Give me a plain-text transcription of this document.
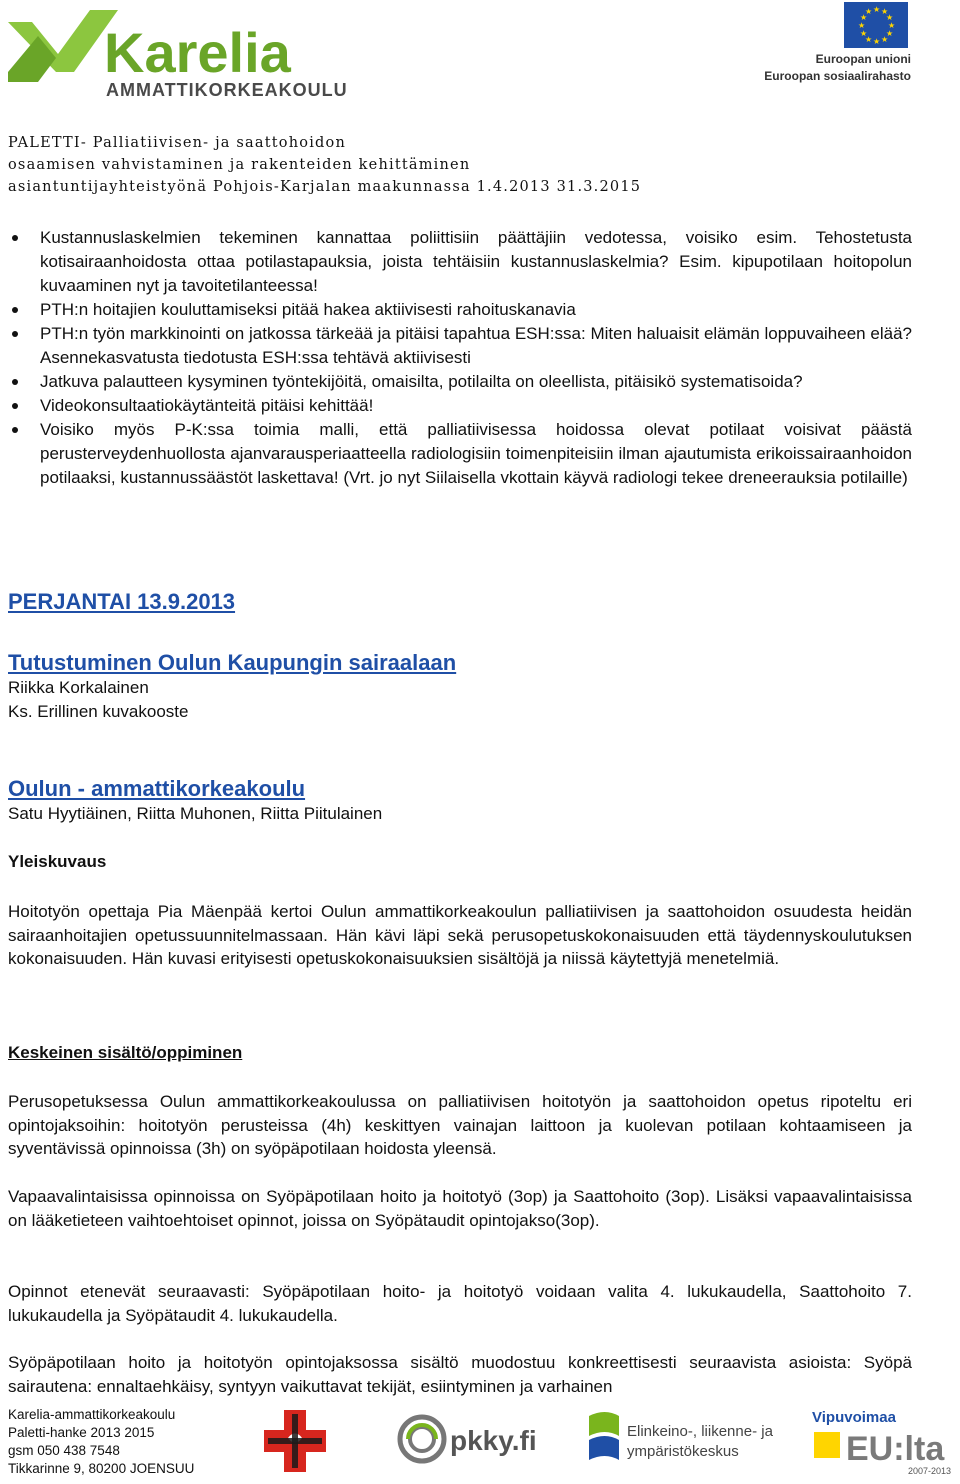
Karelia
AMMATTIKORKEAKOULU
★ ★
★
★
★
★
★
★
★
★
★
★
Euroopan unioni
Euroopan sosiaalirahasto
PALETTI- Palliatiivisen- ja saattohoidon
osaamisen vahvistaminen ja rakenteiden kehittäminen
asiantuntijayhteistyönä Pohjois-Karjalan maakunnassa 1.4.2013 31.3.2015
Kustannuslaskelmien tekeminen kannattaa poliittisiin päättäjiin vedotessa, voisiko esim. Tehostetusta kotisairaanhoidosta ottaa potilastapauksia, joista tehtäisiin kustannuslaskelmia? Esim. kipupotilaan hoitopolun kuvaaminen nyt ja tavoitetilanteessa!
PTH:n hoitajien kouluttamiseksi pitää hakea aktiivisesti rahoituskanavia
PTH:n työn markkinointi on jatkossa tärkeää ja pitäisi tapahtua ESH:ssa: Miten haluaisit elämän loppuvaiheen elää? Asennekasvatusta tiedotusta ESH:ssa tehtävä aktiivisesti
Jatkuva palautteen kysyminen työntekijöitä, omaisilta, potilailta on oleellista, pitäisikö systematisoida?
Videokonsultaatiokäytänteitä pitäisi kehittää!
Voisiko myös P-K:ssa toimia malli, että palliatiivisessa hoidossa olevat potilaat voisivat päästä perusterveydenhuollosta ajanvarausperiaatteella radiologisiin toimenpiteisiin ilman ajautumista erikoissairaanhoidon potilaaksi, kustannussäästöt laskettava! (Vrt. jo nyt Siilaisella vkottain käyvä radiologi tekee dreneerauksia potilaille)
PERJANTAI 13.9.2013
Tutustuminen Oulun Kaupungin sairaalaan
Riikka Korkalainen
Ks. Erillinen kuvakooste
Oulun - ammattikorkeakoulu
Satu Hyytiäinen, Riitta Muhonen, Riitta Piitulainen
Yleiskuvaus
Hoitotyön opettaja Pia Mäenpää kertoi Oulun ammattikorkeakoulun palliatiivisen ja saattohoidon osuudesta heidän sairaanhoitajien opetussuunnitelmassaan. Hän kävi läpi sekä perusopetuskokonaisuuden että täydennyskoulutuksen kokonaisuuden. Hän kuvasi erityisesti opetuskokonaisuuksien sisältöjä ja niissä käytettyjä menetelmiä.
Keskeinen sisältö/oppiminen
Perusopetuksessa Oulun ammattikorkeakoulussa on palliatiivisen hoitotyön ja saattohoidon opetus ripoteltu eri opintojaksoihin: hoitotyön perusteissa (4h) keskittyen vainajan laittoon ja kuolevan potilaan kohtaamiseen ja syventävissä opinnoissa (3h) on syöpäpotilaan hoidosta yleensä.
Vapaavalintaisissa opinnoissa on Syöpäpotilaan hoito ja hoitotyö (3op) ja Saattohoito (3op). Lisäksi vapaavalintaisissa on lääketieteen vaihtoehtoiset opinnot, joissa on Syöpätaudit opintojakso(3op).
Opinnot etenevät seuraavasti: Syöpäpotilaan hoito- ja hoitotyö voidaan valita 4. lukukaudella, Saattohoito 7. lukukaudella ja Syöpätaudit 4. lukukaudella.
Syöpäpotilaan hoito ja hoitotyön opintojaksossa sisältö muodostuu konkreettisesti seuraavista asioista: Syöpä sairautena: ennaltaehkäisy, syntyyn vaikuttavat tekijät, esiintyminen ja varhainen
Karelia-ammattikorkeakoulu
Paletti-hanke 2013 2015
gsm 050 438 7548
Tikkarinne 9, 80200 JOENSUU
pkky.fi	Elinkeino-, liikenne- ja
ympäristökeskus
Vipuvoimaa
EU:lta
2007-2013
